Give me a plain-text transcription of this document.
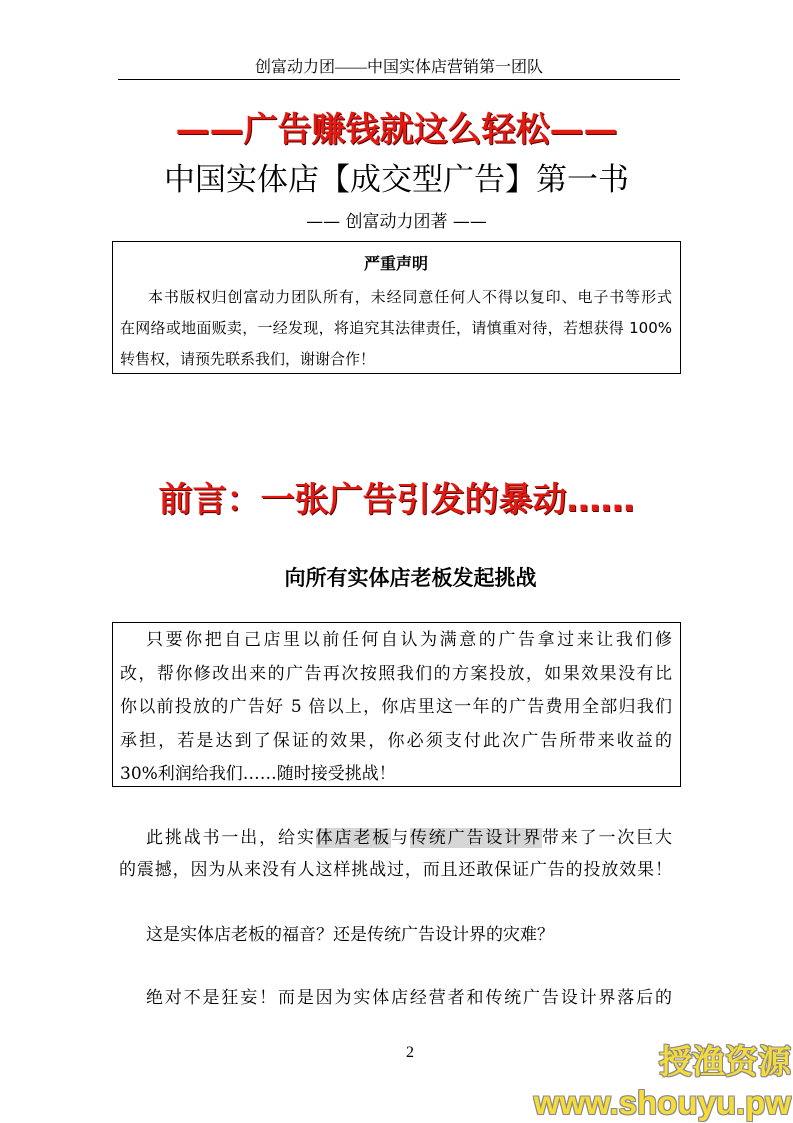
创富动力团——中国实体店营销第一团队
——广告赚钱就这么轻松——
中国实体店【成交型广告】第一书
—— 创富动力团著 ——
严重声明
本书版权归创富动力团队所有，未经同意任何人不得以复印、电子书等形式
在网络或地面贩卖，一经发现，将追究其法律责任，请慎重对待，若想获得 100%
转售权，请预先联系我们，谢谢合作！
前言：一张广告引发的暴动……
向所有实体店老板发起挑战
只要你把自己店里以前任何自认为满意的广告拿过来让我们修
改，帮你修改出来的广告再次按照我们的方案投放，如果效果没有比
你以前投放的广告好 5 倍以上，你店里这一年的广告费用全部归我们
承担，若是达到了保证的效果，你必须支付此次广告所带来收益的
30%利润给我们……随时接受挑战！
此挑战书一出，给实体店老板与传统广告设计界带来了一次巨大
的震撼，因为从来没有人这样挑战过，而且还敢保证广告的投放效果！
这是实体店老板的福音？还是传统广告设计界的灾难？
绝对不是狂妄！而是因为实体店经营者和传统广告设计界落后的
2	授渔资源
www.shouyu.pw
